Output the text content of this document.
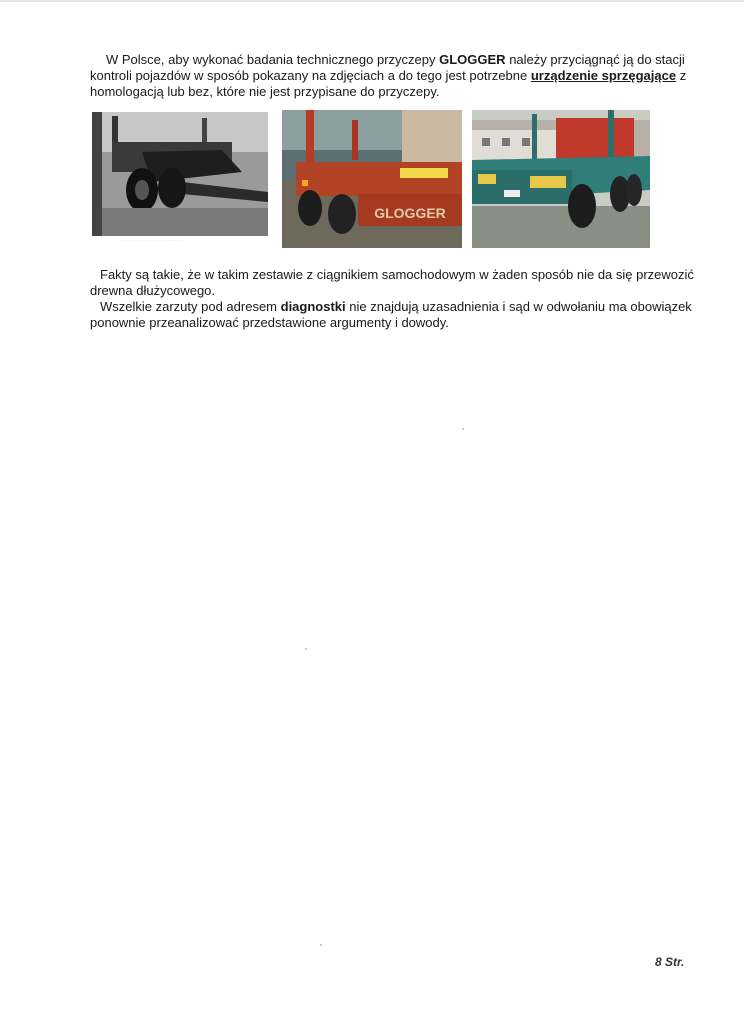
W Polsce, aby wykonać badania technicznego przyczepy GLOGGER należy przyciągnąć ją do stacji kontroli pojazdów w sposób pokazany na zdjęciach a do tego jest potrzebne urządzenie sprzęgające z homologacją lub bez, które nie jest przypisane do przyczepy.

· · · · · · · · · · · · · · · · · · ·
GLOGGER

Fakty są takie, że w takim zestawie z ciągnikiem samochodowym w żaden sposób nie da się przewozić drewna dłużycowego.

Wszelkie zarzuty pod adresem diagnostki nie znajdują uzasadnienia i sąd w odwołaniu ma obowiązek ponownie przeanalizować przedstawione argumenty i dowody.

8 Str.
